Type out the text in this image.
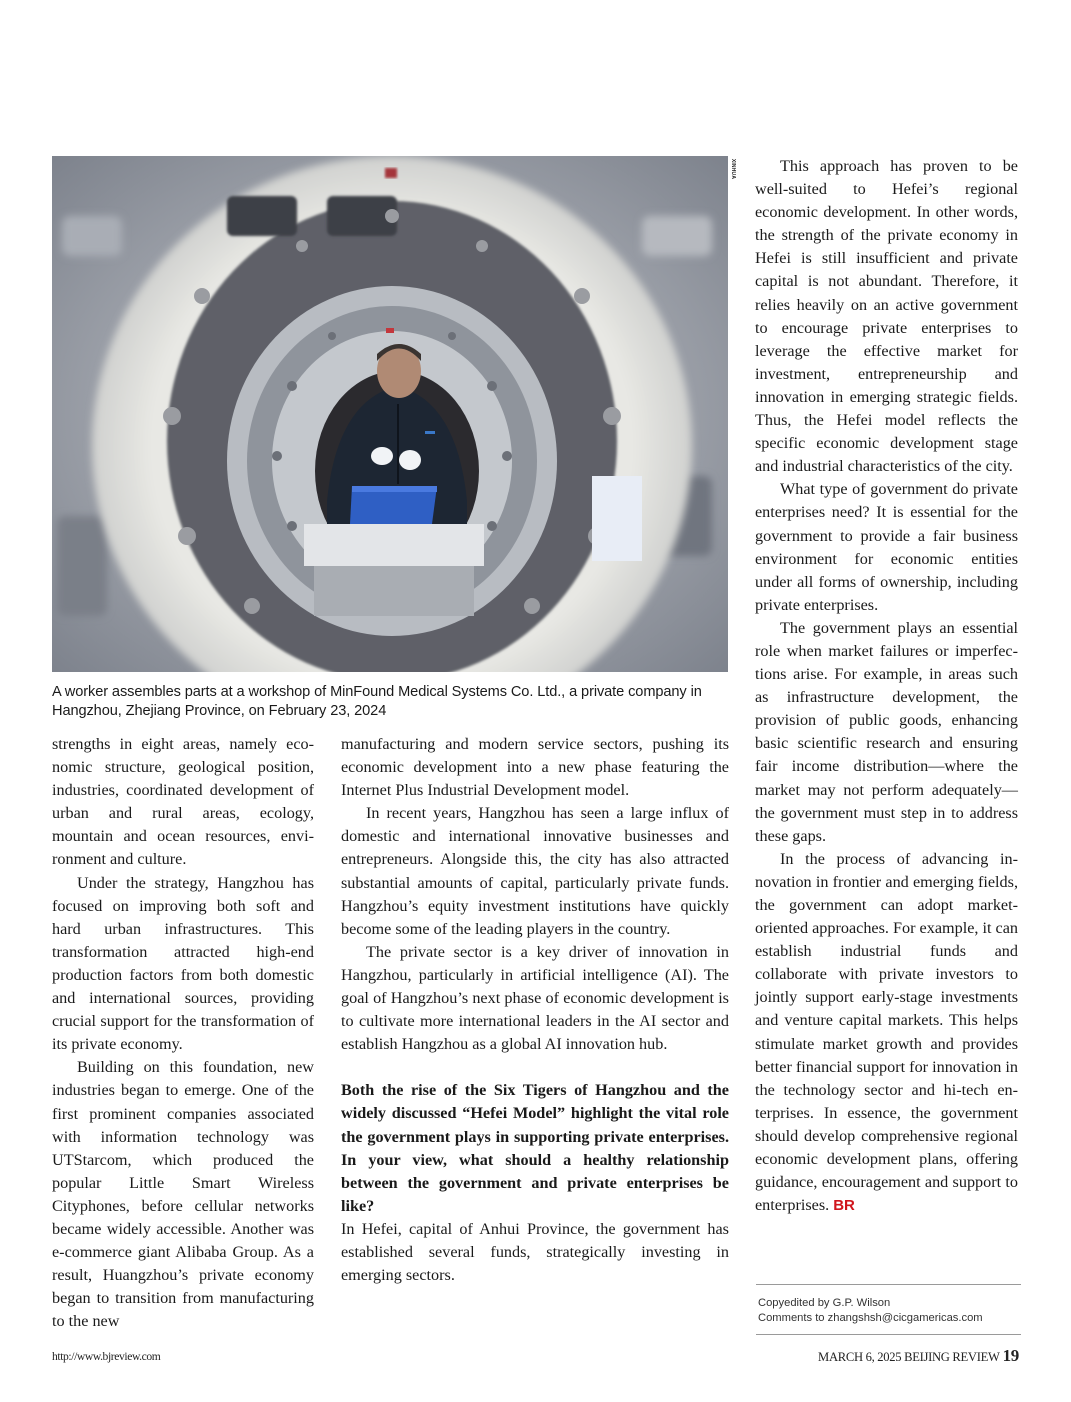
XINHUA
A worker assembles parts at a workshop of MinFound Medical Systems Co. Ltd., a private company in Hangzhou, Zhejiang Province, on February 23, 2024

strengths in eight areas, namely economic structure, geological position, industries, coordinated development of urban and rural areas, ecology, mountain and ocean resources, environment and culture.

Under the strategy, Hangzhou has focused on improving both soft and hard urban infrastructures. This transformation attracted high-end production factors from both domestic and international sources, providing crucial support for the transformation of its private economy.

Building on this foundation, new industries began to emerge. One of the first prominent companies associated with information technology was UTStarcom, which produced the popular Little Smart Wireless Cityphones, before cellular networks became widely accessible. Another was e-commerce giant Alibaba Group. As a result, Huangzhou’s private economy began to transition from manufacturing to the new

manufacturing and modern service sectors, pushing its economic development into a new phase featuring the Internet Plus Industrial Development model.

In recent years, Hangzhou has seen a large influx of domestic and international innovative businesses and entrepreneurs. Alongside this, the city has also attracted substantial amounts of capital, particularly private funds. Hangzhou’s equity investment institutions have quickly become some of the leading players in the country.

The private sector is a key driver of innovation in Hangzhou, particularly in artificial intelligence (AI). The goal of Hangzhou’s next phase of economic development is to cultivate more international leaders in the AI sector and establish Hangzhou as a global AI innovation hub.

Both the rise of the Six Tigers of Hangzhou and the widely discussed “Hefei Model” highlight the vital role the government plays in supporting private enterprises. In your view, what should a healthy relationship between the government and private enterprises be like?

In Hefei, capital of Anhui Province, the government has established several funds, strategically investing in emerging sectors.

This approach has proven to be well-suited to Hefei’s regional economic development. In other words, the strength of the private economy in Hefei is still insufficient and private capital is not abundant. Therefore, it relies heavily on an active government to encourage private enterprises to leverage the effective market for investment, entrepreneurship and innovation in emerging strategic fields. Thus, the Hefei model reflects the specific economic development stage and industrial characteristics of the city.

What type of government do private enterprises need? It is essential for the government to provide a fair business environment for economic entities under all forms of ownership, including private enterprises.

The government plays an essential role when market failures or imperfections arise. For example, in areas such as infrastructure development, the provision of public goods, enhancing basic scientific research and ensuring fair income distribution—where the market may not perform adequately—the government must step in to address these gaps.

In the process of advancing innovation in frontier and emerging fields, the government can adopt market-oriented approaches. For example, it can establish industrial funds and collaborate with private investors to jointly support early-stage investments and venture capital markets. This helps stimulate market growth and provides better financial support for innovation in the technology sector and hi-tech enterprises. In essence, the government should develop comprehensive regional economic development plans, offering guidance, encouragement and support to enterprises. BR

Copyedited by G.P. Wilson
Comments to zhangshsh@cicgamericas.com
http://www.bjreview.com	MARCH 6, 2025 BEIJING REVIEW 19
